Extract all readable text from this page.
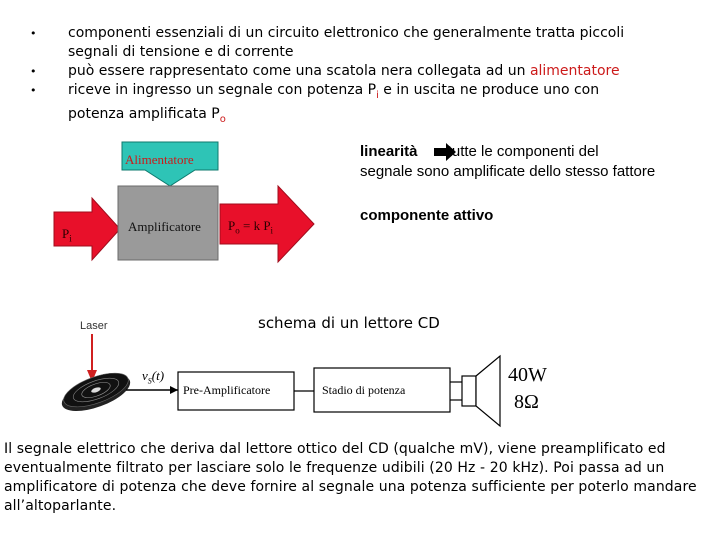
• componenti essenziali di un circuito elettronico che generalmente tratta piccoli
segnali di tensione e di corrente
• può essere rappresentato come una scatola nera collegata ad un alimentatore
• riceve in ingresso un segnale con potenza $P_i$ e in uscita ne produce uno con
potenza amplificata $P_o$
Alimentatore
Amplificatore
$P_i$
$P_o = k$ $P_i$
linearità tutte le componenti del
segnale sono amplificate dello stesso fattore
componente attivo
schema di un lettore CD
Laser
$v_S(t)$
Pre-Amplificatore	Stadio di potenza
40W
8Ω
Il segnale elettrico che deriva dal lettore ottico del CD (qualche mV), viene preamplificato ed eventualmente filtrato per lasciare solo le frequenze udibili (20 Hz - 20 kHz). Poi passa ad un amplificatore di potenza che deve fornire al segnale una potenza sufficiente per poterlo mandare all’altoparlante.
